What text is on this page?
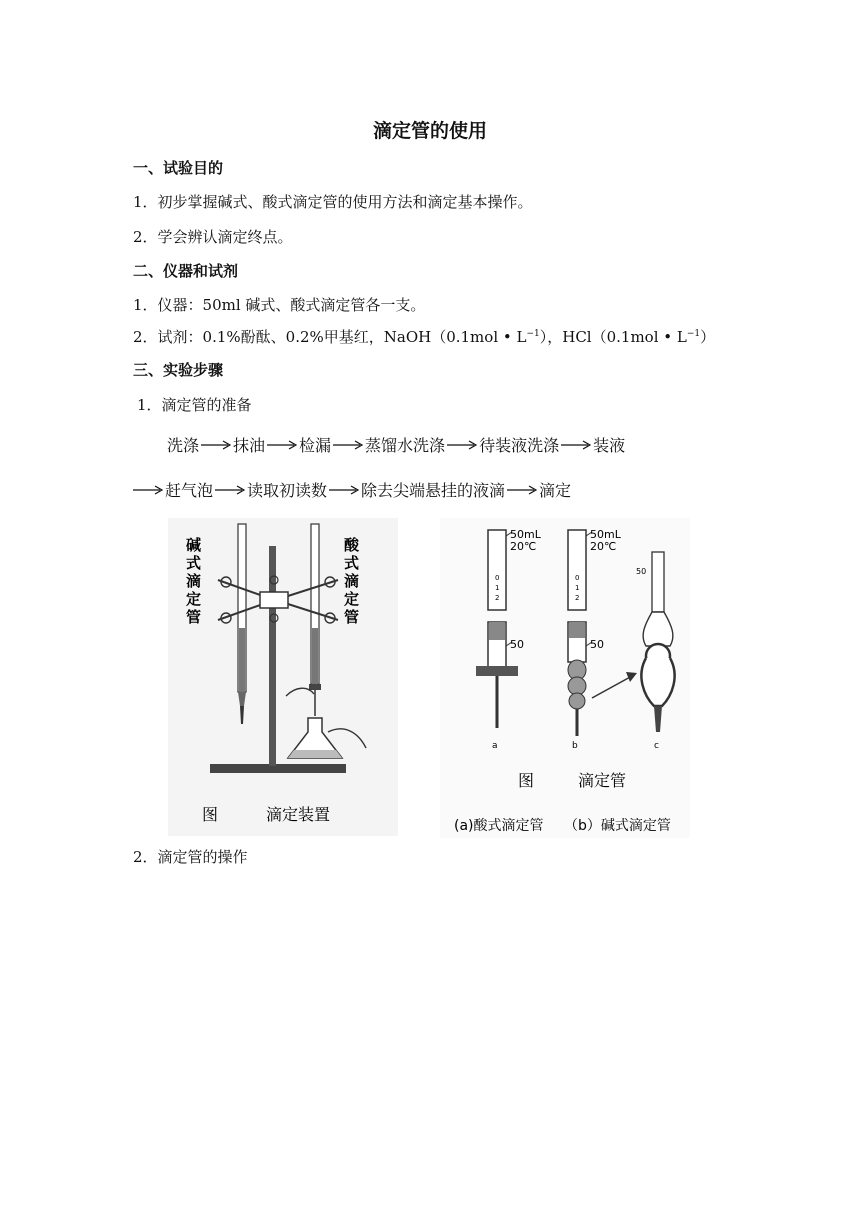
滴定管的使用
一、试验目的
1．初步掌握碱式、酸式滴定管的使用方法和滴定基本操作。
2．学会辨认滴定终点。
二、仪器和试剂
1．仪器：50ml 碱式、酸式滴定管各一支。
2．试剂：0.1%酚酞、0.2%甲基红，NaOH（0.1mol • $L^{-1}$），HCl（0.1mol • $L^{-1}$）
三、实验步骤
1．滴定管的准备
洗涤 抹油 检漏 蒸馏水洗涤 待装液洗涤 装液
赶气泡 读取初读数 除去尖端悬挂的液滴 滴定
碱
式
滴
定
管
酸
式
滴
定
管
图	滴定装置
50mL
20℃
0
1
2
50
a
50mL
20℃
0
1
2
50
b
50
c
图	滴定管
(a)酸式滴定管 （b）碱式滴定管
2．滴定管的操作
